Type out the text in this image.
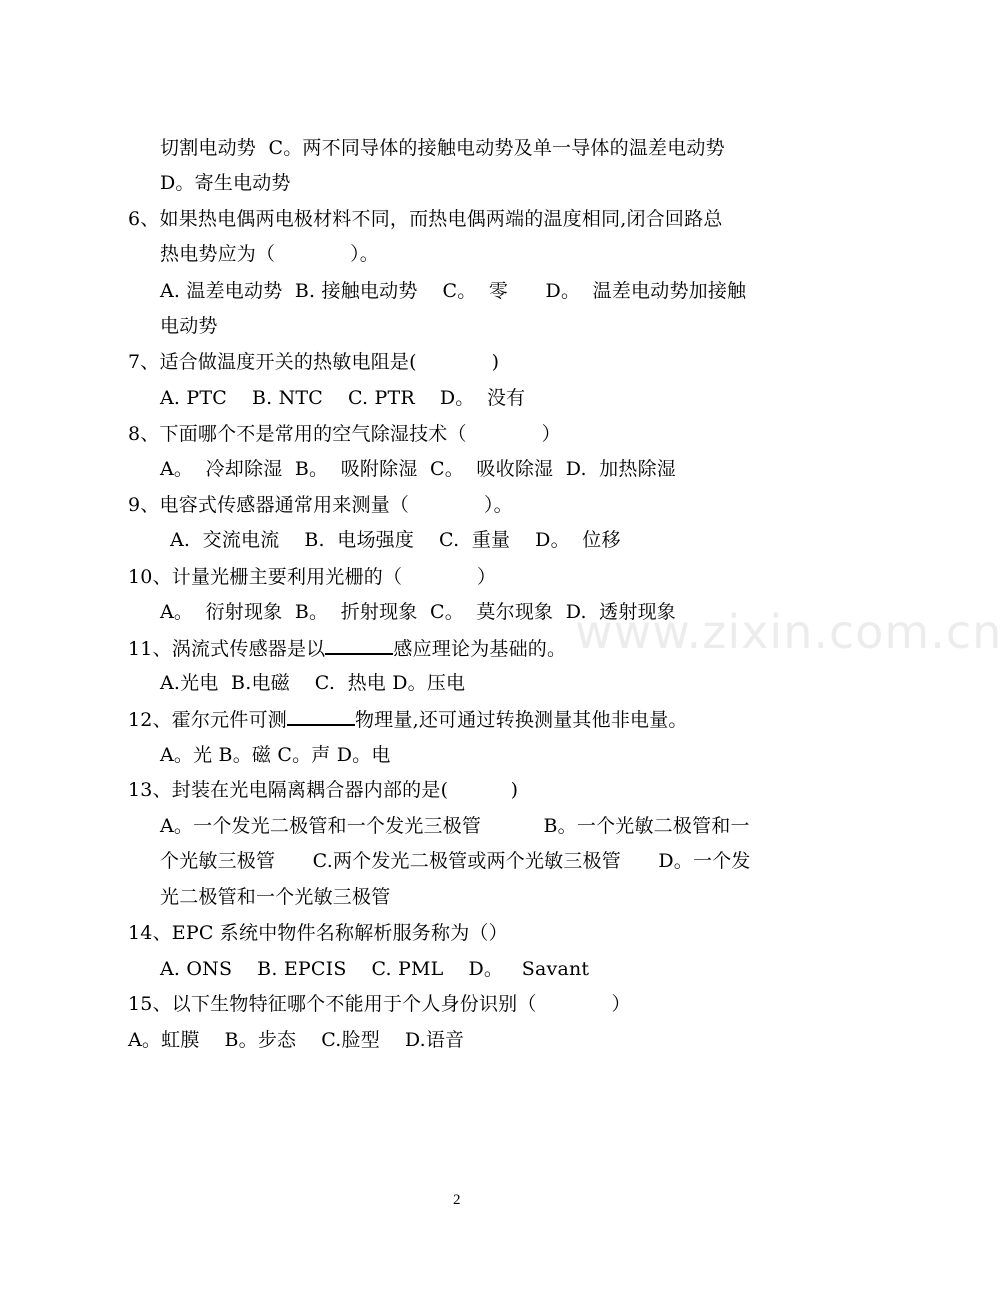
切割电动势  C。两不同导体的接触电动势及单一导体的温差电动势
D。寄生电动势
6、如果热电偶两电极材料不同，而热电偶两端的温度相同,闭合回路总
热电势应为（            ）。
A. 温差电动势  B. 接触电动势    C。  零      D。  温差电动势加接触
电动势
7、适合做温度开关的热敏电阻是(            )
A. PTC    B. NTC    C. PTR    D。  没有
8、下面哪个不是常用的空气除湿技术（            ）
A。  冷却除湿  B。  吸附除湿  C。  吸收除湿  D.  加热除湿
9、电容式传感器通常用来测量（            ）。
A.  交流电流    B.  电场强度    C.  重量    D。  位移
10、计量光栅主要利用光栅的（            ）
A。  衍射现象  B。  折射现象  C。  莫尔现象  D.  透射现象
11、涡流式传感器是以	感应理论为基础的。
A.光电  B.电磁    C.  热电 D。压电
12、霍尔元件可测	物理量,还可通过转换测量其他非电量。
A。光 B。磁 C。声 D。电
13、封装在光电隔离耦合器内部的是(          )
A。一个发光二极管和一个发光三极管          B。一个光敏二极管和一
个光敏三极管      C.两个发光二极管或两个光敏三极管      D。一个发
光二极管和一个光敏三极管
14、EPC 系统中物件名称解析服务称为（）
A. ONS    B. EPCIS    C. PML    D。   Savant
15、以下生物特征哪个不能用于个人身份识别（            ）
A。虹膜    B。步态    C.脸型    D.语音
www.zixin.com.cn
2
